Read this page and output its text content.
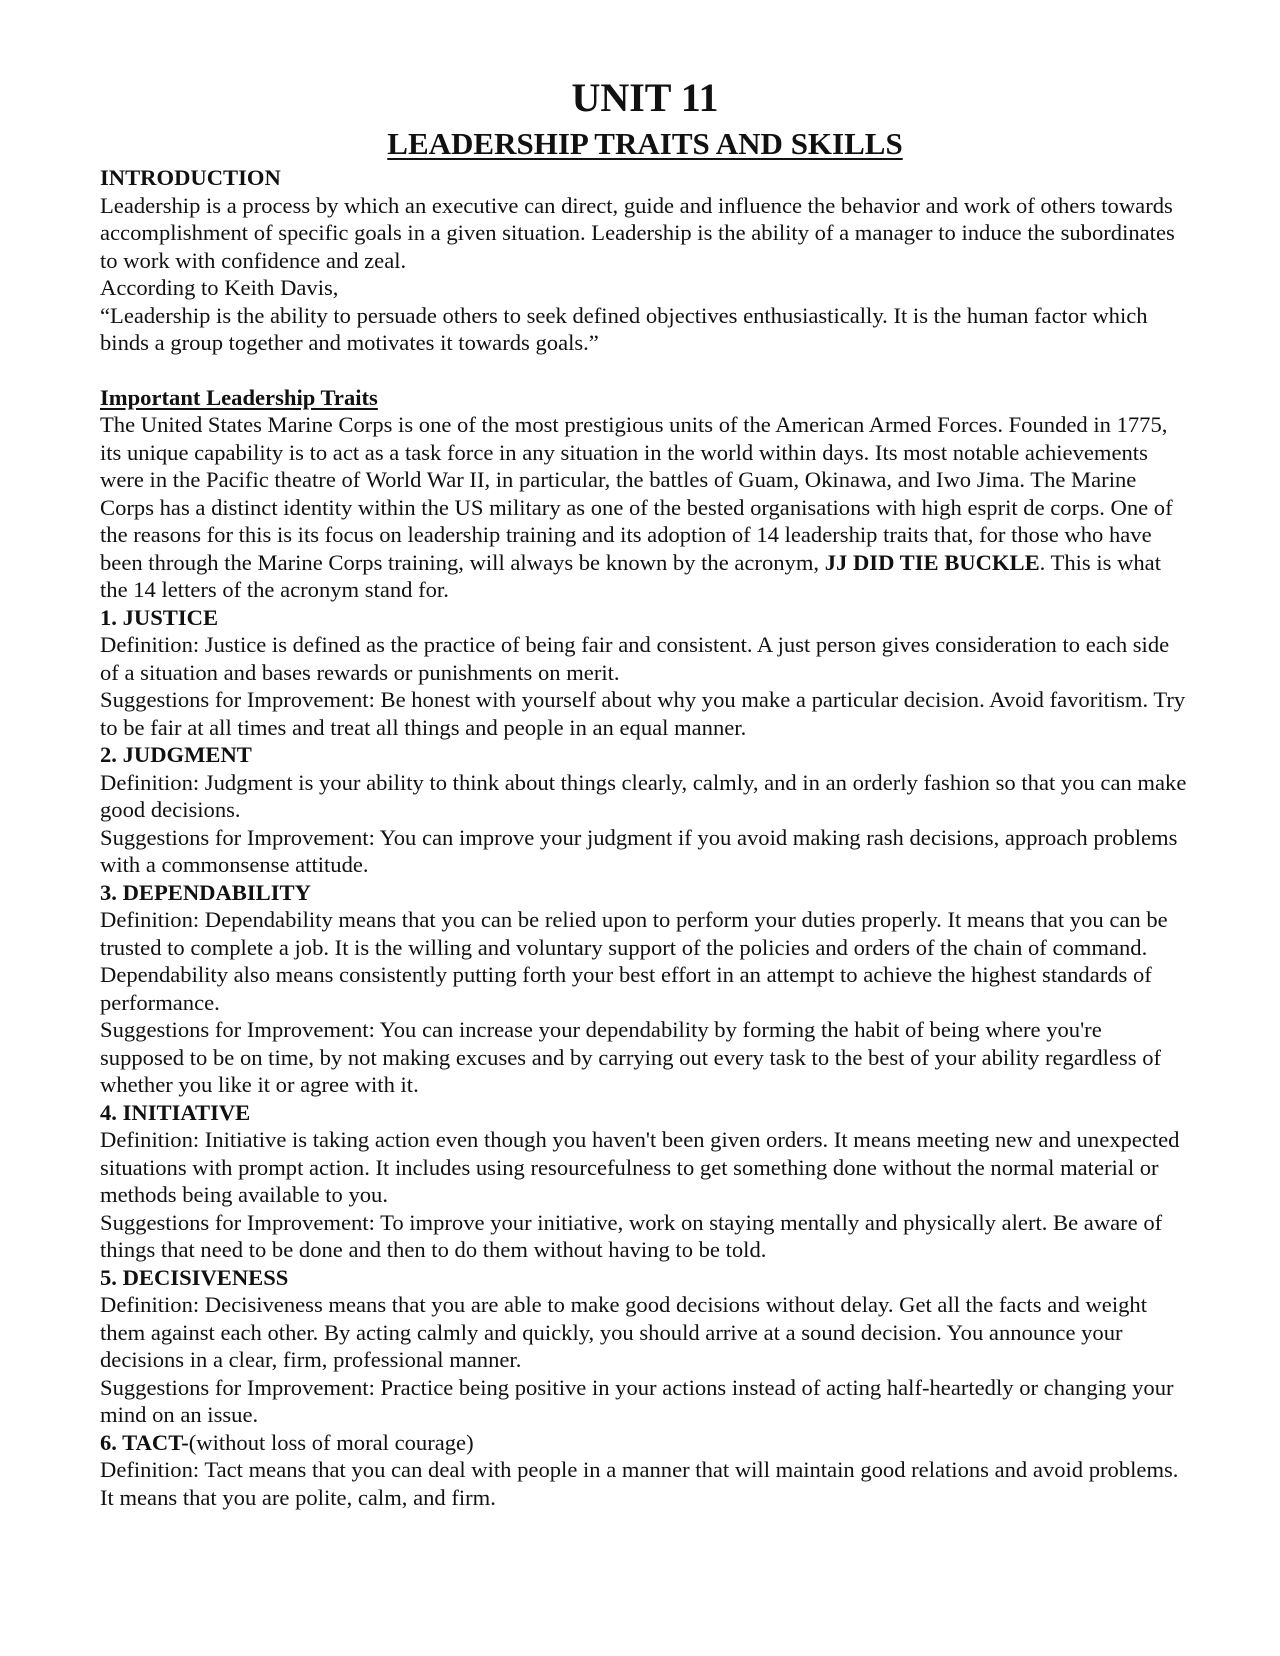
UNIT 11
LEADERSHIP TRAITS AND SKILLS

INTRODUCTION

Leadership is a process by which an executive can direct, guide and influence the behavior and work of others towards accomplishment of specific goals in a given situation. Leadership is the ability of a manager to induce the subordinates to work with confidence and zeal.

According to Keith Davis,

“Leadership is the ability to persuade others to seek defined objectives enthusiastically. It is the human factor which binds a group together and motivates it towards goals.”

Important Leadership Traits

The United States Marine Corps is one of the most prestigious units of the American Armed Forces. Founded in 1775, its unique capability is to act as a task force in any situation in the world within days. Its most notable achievements were in the Pacific theatre of World War II, in particular, the battles of Guam, Okinawa, and Iwo Jima. The Marine Corps has a distinct identity within the US military as one of the bested organisations with high esprit de corps. One of the reasons for this is its focus on leadership training and its adoption of 14 leadership traits that, for those who have been through the Marine Corps training, will always be known by the acronym, JJ DID TIE BUCKLE. This is what the 14 letters of the acronym stand for.

1. JUSTICE

Definition: Justice is defined as the practice of being fair and consistent. A just person gives consideration to each side of a situation and bases rewards or punishments on merit.

Suggestions for Improvement: Be honest with yourself about why you make a particular decision. Avoid favoritism. Try to be fair at all times and treat all things and people in an equal manner.

2. JUDGMENT

Definition: Judgment is your ability to think about things clearly, calmly, and in an orderly fashion so that you can make good decisions.

Suggestions for Improvement: You can improve your judgment if you avoid making rash decisions, approach problems with a commonsense attitude.

3. DEPENDABILITY

Definition: Dependability means that you can be relied upon to perform your duties properly. It means that you can be trusted to complete a job. It is the willing and voluntary support of the policies and orders of the chain of command. Dependability also means consistently putting forth your best effort in an attempt to achieve the highest standards of performance.

Suggestions for Improvement: You can increase your dependability by forming the habit of being where you're supposed to be on time, by not making excuses and by carrying out every task to the best of your ability regardless of whether you like it or agree with it.

4. INITIATIVE

Definition: Initiative is taking action even though you haven't been given orders. It means meeting new and unexpected situations with prompt action. It includes using resourcefulness to get something done without the normal material or methods being available to you.

Suggestions for Improvement: To improve your initiative, work on staying mentally and physically alert. Be aware of things that need to be done and then to do them without having to be told.

5. DECISIVENESS

Definition: Decisiveness means that you are able to make good decisions without delay. Get all the facts and weight them against each other. By acting calmly and quickly, you should arrive at a sound decision. You announce your decisions in a clear, firm, professional manner.

Suggestions for Improvement: Practice being positive in your actions instead of acting half-heartedly or changing your mind on an issue.

6. TACT-(without loss of moral courage)

Definition: Tact means that you can deal with people in a manner that will maintain good relations and avoid problems. It means that you are polite, calm, and firm.
